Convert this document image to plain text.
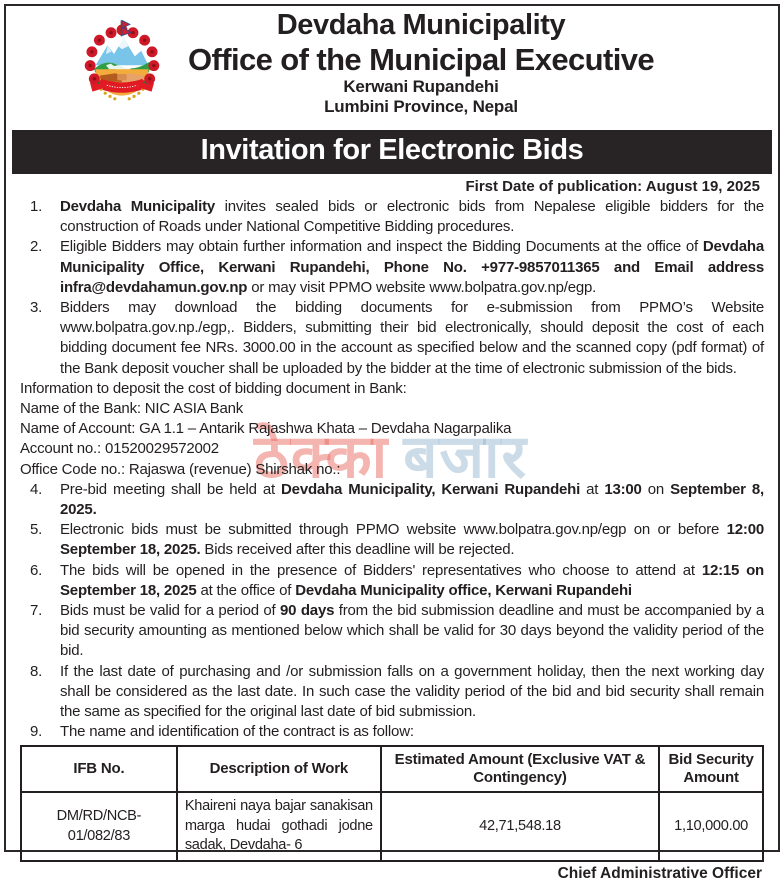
ठेक्का बजार
Devdaha Municipality
Office of the Municipal Executive
Kerwani Rupandehi
Lumbini Province, Nepal
Invitation for Electronic Bids
First Date of publication: August 19, 2025
1.	Devdaha Municipality invites sealed bids or electronic bids from Nepalese eligible bidders for the construction of Roads under National Competitive Bidding procedures.
2.	Eligible Bidders may obtain further information and inspect the Bidding Documents at the office of Devdaha Municipality Office, Kerwani Rupandehi, Phone No. +977-9857011365 and Email address infra@devdahamun.gov.np or may visit PPMO website www.bolpatra.gov.np/egp.
3.	Bidders may download the bidding documents for e-submission from PPMO’s Website www.bolpatra.gov.np./egp,. Bidders, submitting their bid electronically, should deposit the cost of each bidding document fee NRs. 3000.00 in the account as specified below and the scanned copy (pdf format) of the Bank deposit voucher shall be uploaded by the bidder at the time of electronic submission of the bids.
Information to deposit the cost of bidding document in Bank:
Name of the Bank: NIC ASIA Bank
Name of Account: GA 1.1 – Antarik Rajashwa Khata – Devdaha Nagarpalika
Account no.: 01520029572002
Office Code no.: Rajaswa (revenue) Shirshak no.:
4.	Pre-bid meeting shall be held at Devdaha Municipality, Kerwani Rupandehi at 13:00 on September 8, 2025.
5.	Electronic bids must be submitted through PPMO website www.bolpatra.gov.np/egp on or before 12:00 September 18, 2025. Bids received after this deadline will be rejected.
6.	The bids will be opened in the presence of Bidders' representatives who choose to attend at 12:15 on September 18, 2025 at the office of Devdaha Municipality office, Kerwani Rupandehi
7.	Bids must be valid for a period of 90 days from the bid submission deadline and must be accompanied by a bid security amounting as mentioned below which shall be valid for 30 days beyond the validity period of the bid.
8.	If the last date of purchasing and /or submission falls on a government holiday, then the next working day shall be considered as the last date. In such case the validity period of the bid and bid security shall remain the same as specified for the original last date of bid submission.
9.	The name and identification of the contract is as follow:
IFB No.	Description of Work	Estimated Amount (Exclusive VAT & Contingency)	Bid Security Amount
DM/RD/NCB-01/082/83	Khaireni naya bajar sanakisan marga hudai gothadi jodne sadak, Devdaha- 6	42,71,548.18	1,10,000.00
Chief Administrative Officer
